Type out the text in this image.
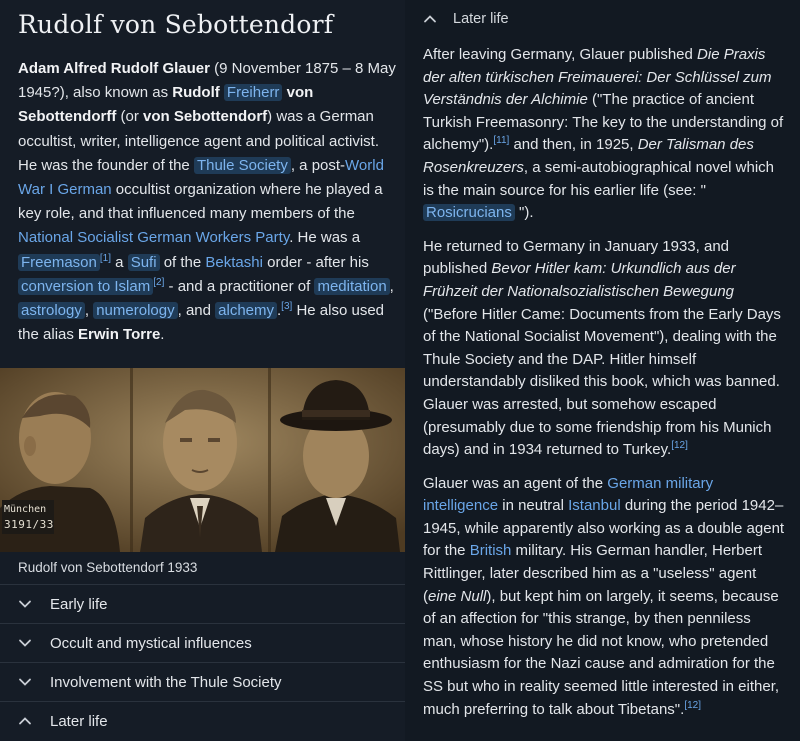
Rudolf von Sebottendorf
Adam Alfred Rudolf Glauer (9 November 1875 – 8 May 1945?), also known as Rudolf Freiherr von Sebottendorff (or von Sebottendorf) was a German occultist, writer, intelligence agent and political activist. He was the founder of the Thule Society , a post-World War I German occultist organization where he played a key role, and that influenced many members of the National Socialist German Workers Party. He was a Freemason [1] a Sufi of the Bektashi order - after his conversion to Islam [2] - and a practitioner of meditation , astrology , numerology , and alchemy .[3] He also used the alias Erwin Torre.
München
3191/33
Rudolf von Sebottendorf 1933
Early life
Occult and mystical influences
Involvement with the Thule Society
Later life
Later life

After leaving Germany, Glauer published Die Praxis der alten türkischen Freimauerei: Der Schlüssel zum Verständnis der Alchimie ("The practice of ancient Turkish Freemasonry: The key to the understanding of alchemy").[11] and then, in 1925, Der Talisman des Rosenkreuzers, a semi-autobiographical novel which is the main source for his earlier life (see: " Rosicrucians ").

He returned to Germany in January 1933, and published Bevor Hitler kam: Urkundlich aus der Frühzeit der Nationalsozialistischen Bewegung ("Before Hitler Came: Documents from the Early Days of the National Socialist Movement"), dealing with the Thule Society and the DAP. Hitler himself understandably disliked this book, which was banned. Glauer was arrested, but somehow escaped (presumably due to some friendship from his Munich days) and in 1934 returned to Turkey.[12]

Glauer was an agent of the German military intelligence in neutral Istanbul during the period 1942–1945, while apparently also working as a double agent for the British military. His German handler, Herbert Rittlinger, later described him as a "useless" agent (eine Null), but kept him on largely, it seems, because of an affection for "this strange, by then penniless man, whose history he did not know, who pretended enthusiasm for the Nazi cause and admiration for the SS but who in reality seemed little interested in either, much preferring to talk about Tibetans".[12]
